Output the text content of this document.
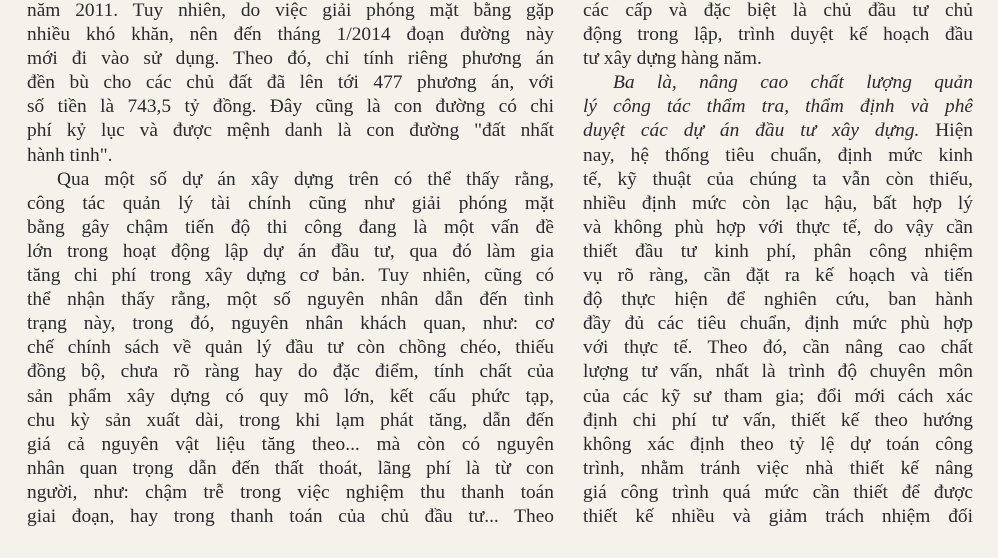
năm 2011. Tuy nhiên, do việc giải phóng mặt bằng gặp
nhiều khó khăn, nên đến tháng 1/2014 đoạn đường này
mới đi vào sử dụng. Theo đó, chỉ tính riêng phương án
đền bù cho các chủ đất đã lên tới 477 phương án, với
số tiền là 743,5 tỷ đồng. Đây cũng là con đường có chi
phí kỷ lục và được mệnh danh là con đường "đất nhất
hành tinh".
Qua một số dự án xây dựng trên có thể thấy rằng,
công tác quản lý tài chính cũng như giải phóng mặt
bằng gây chậm tiến độ thi công đang là một vấn đề
lớn trong hoạt động lập dự án đầu tư, qua đó làm gia
tăng chi phí trong xây dựng cơ bản. Tuy nhiên, cũng có
thể nhận thấy rằng, một số nguyên nhân dẫn đến tình
trạng này, trong đó, nguyên nhân khách quan, như: cơ
chế chính sách về quản lý đầu tư còn chồng chéo, thiếu
đồng bộ, chưa rõ ràng hay do đặc điểm, tính chất của
sản phẩm xây dựng có quy mô lớn, kết cấu phức tạp,
chu kỳ sản xuất dài, trong khi lạm phát tăng, dẫn đến
giá cả nguyên vật liệu tăng theo... mà còn có nguyên
nhân quan trọng dẫn đến thất thoát, lãng phí là từ con
người, như: chậm trễ trong việc nghiệm thu thanh toán
giai đoạn, hay trong thanh toán của chủ đầu tư... Theo
các cấp và đặc biệt là chủ đầu tư chủ
động trong lập, trình duyệt kế hoạch đầu
tư xây dựng hàng năm.
Ba là, nâng cao chất lượng quản
lý công tác thẩm tra, thẩm định và phê
duyệt các dự án đầu tư xây dựng. Hiện
nay, hệ thống tiêu chuẩn, định mức kinh
tế, kỹ thuật của chúng ta vẫn còn thiếu,
nhiều định mức còn lạc hậu, bất hợp lý
và không phù hợp với thực tế, do vậy cần
thiết đầu tư kinh phí, phân công nhiệm
vụ rõ ràng, cần đặt ra kế hoạch và tiến
độ thực hiện để nghiên cứu, ban hành
đầy đủ các tiêu chuẩn, định mức phù hợp
với thực tế. Theo đó, cần nâng cao chất
lượng tư vấn, nhất là trình độ chuyên môn
của các kỹ sư tham gia; đổi mới cách xác
định chi phí tư vấn, thiết kế theo hướng
không xác định theo tỷ lệ dự toán công
trình, nhằm tránh việc nhà thiết kế nâng
giá công trình quá mức cần thiết để được
thiết kế nhiều và giảm trách nhiệm đối
